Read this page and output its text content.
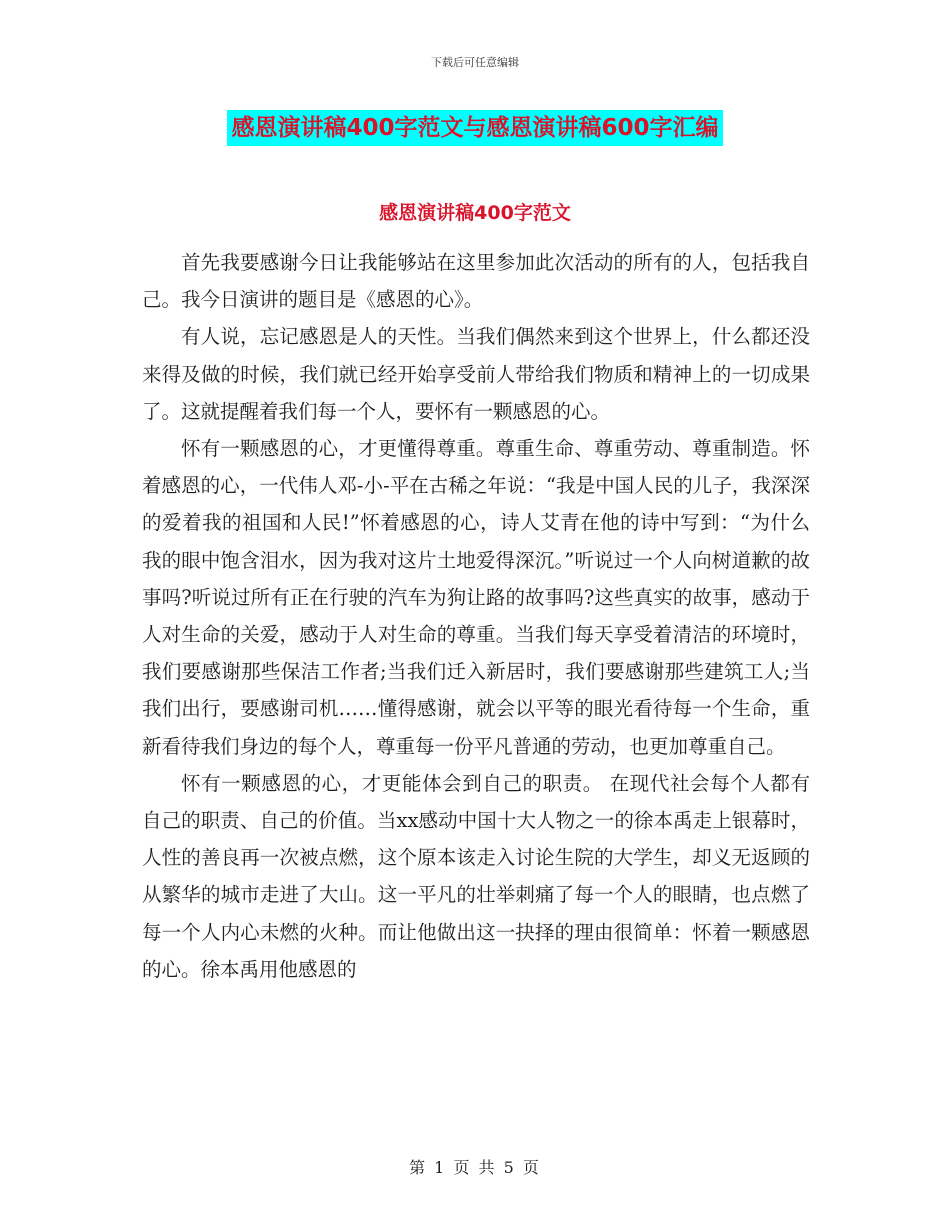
下载后可任意编辑
感恩演讲稿400字范文与感恩演讲稿600字汇编
感恩演讲稿400字范文

首先我要感谢今日让我能够站在这里参加此次活动的所有的人，包括我自己。我今日演讲的题目是《感恩的心》。

有人说，忘记感恩是人的天性。当我们偶然来到这个世界上，什么都还没来得及做的时候，我们就已经开始享受前人带给我们物质和精神上的一切成果了。这就提醒着我们每一个人，要怀有一颗感恩的心。

怀有一颗感恩的心，才更懂得尊重。尊重生命、尊重劳动、尊重制造。怀着感恩的心，一代伟人邓-小-平在古稀之年说：“我是中国人民的儿子，我深深的爱着我的祖国和人民!”怀着感恩的心，诗人艾青在他的诗中写到：“为什么我的眼中饱含泪水，因为我对这片土地爱得深沉。”听说过一个人向树道歉的故事吗?听说过所有正在行驶的汽车为狗让路的故事吗?这些真实的故事，感动于人对生命的关爱，感动于人对生命的尊重。当我们每天享受着清洁的环境时，我们要感谢那些保洁工作者;当我们迁入新居时，我们要感谢那些建筑工人;当我们出行，要感谢司机……懂得感谢，就会以平等的眼光看待每一个生命，重新看待我们身边的每个人，尊重每一份平凡普通的劳动，也更加尊重自己。

怀有一颗感恩的心，才更能体会到自己的职责。 在现代社会每个人都有自己的职责、自己的价值。当xx感动中国十大人物之一的徐本禹走上银幕时，人性的善良再一次被点燃，这个原本该走入讨论生院的大学生，却义无返顾的从繁华的城市走进了大山。这一平凡的壮举刺痛了每一个人的眼睛，也点燃了每一个人内心未燃的火种。而让他做出这一抉择的理由很简单：怀着一颗感恩的心。徐本禹用他感恩的

第 1 页 共 5 页
